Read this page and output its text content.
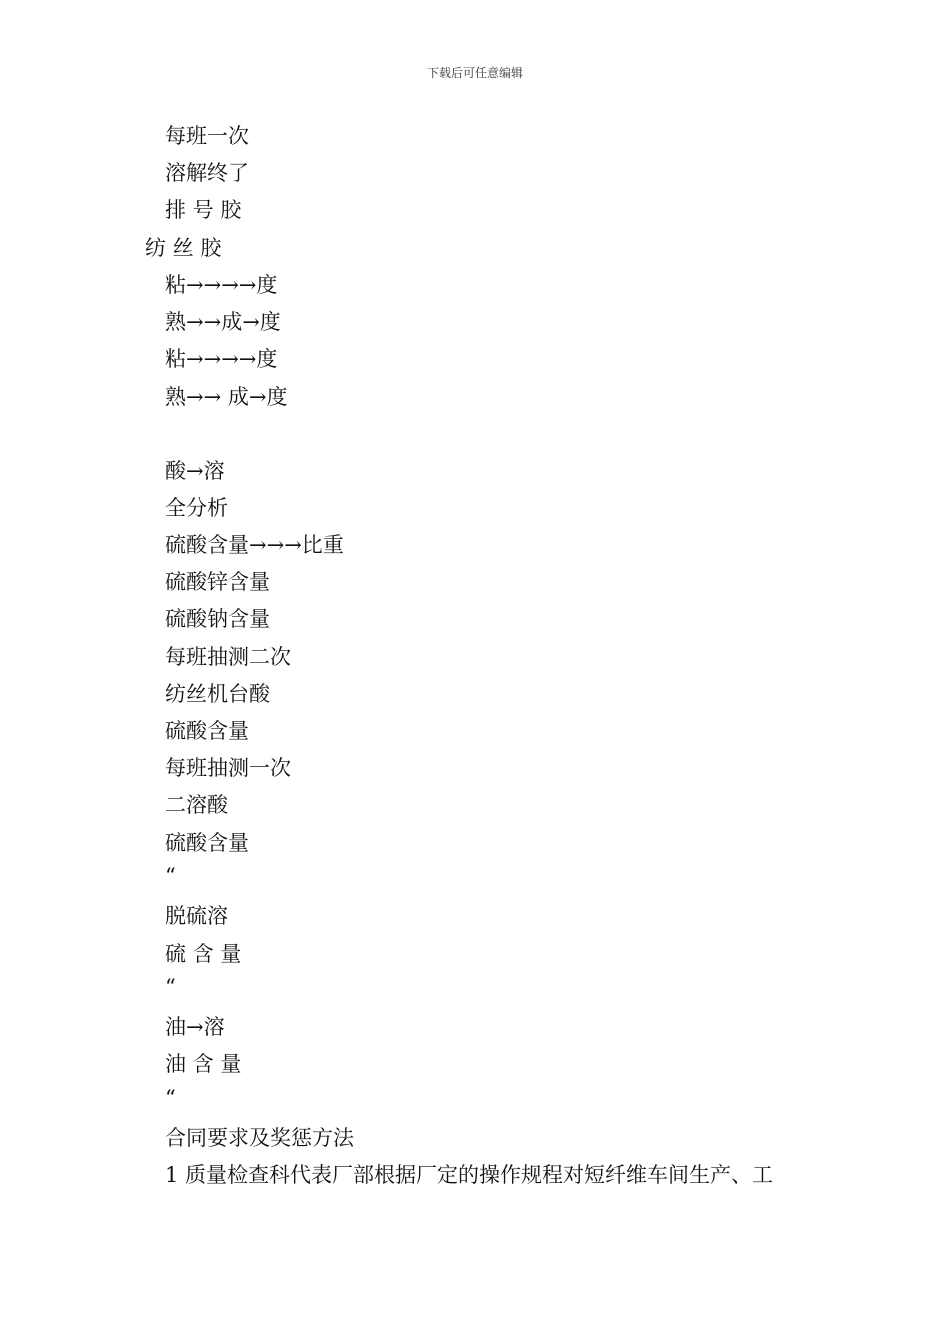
下载后可任意编辑
每班一次
溶解终了
排 号 胶
纺 丝 胶
粘→→→→度
熟→→成→度
粘→→→→度
熟→→ 成→度
酸→溶
全分析
硫酸含量→→→比重
硫酸锌含量
硫酸钠含量
每班抽测二次
纺丝机台酸
硫酸含量
每班抽测一次
二溶酸
硫酸含量
“
脱硫溶
硫 含 量
“
油→溶
油 含 量
“
合同要求及奖惩方法
1 质量检查科代表厂部根据厂定的操作规程对短纤维车间生产、工
